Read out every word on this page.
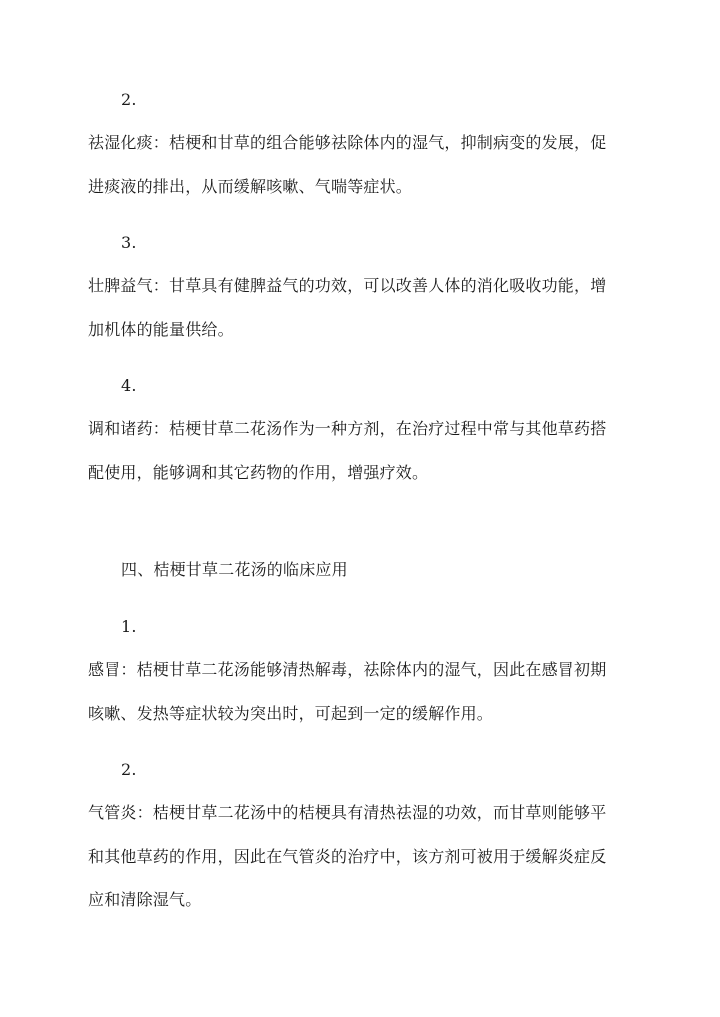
2.
祛湿化痰：桔梗和甘草的组合能够祛除体内的湿气，抑制病变的发展，促
进痰液的排出，从而缓解咳嗽、气喘等症状。
3.
壮脾益气：甘草具有健脾益气的功效，可以改善人体的消化吸收功能，增
加机体的能量供给。
4.
调和诸药：桔梗甘草二花汤作为一种方剂，在治疗过程中常与其他草药搭
配使用，能够调和其它药物的作用，增强疗效。
四、桔梗甘草二花汤的临床应用
1.
感冒：桔梗甘草二花汤能够清热解毒，祛除体内的湿气，因此在感冒初期
咳嗽、发热等症状较为突出时，可起到一定的缓解作用。
2.
气管炎：桔梗甘草二花汤中的桔梗具有清热祛湿的功效，而甘草则能够平
和其他草药的作用，因此在气管炎的治疗中，该方剂可被用于缓解炎症反
应和清除湿气。
